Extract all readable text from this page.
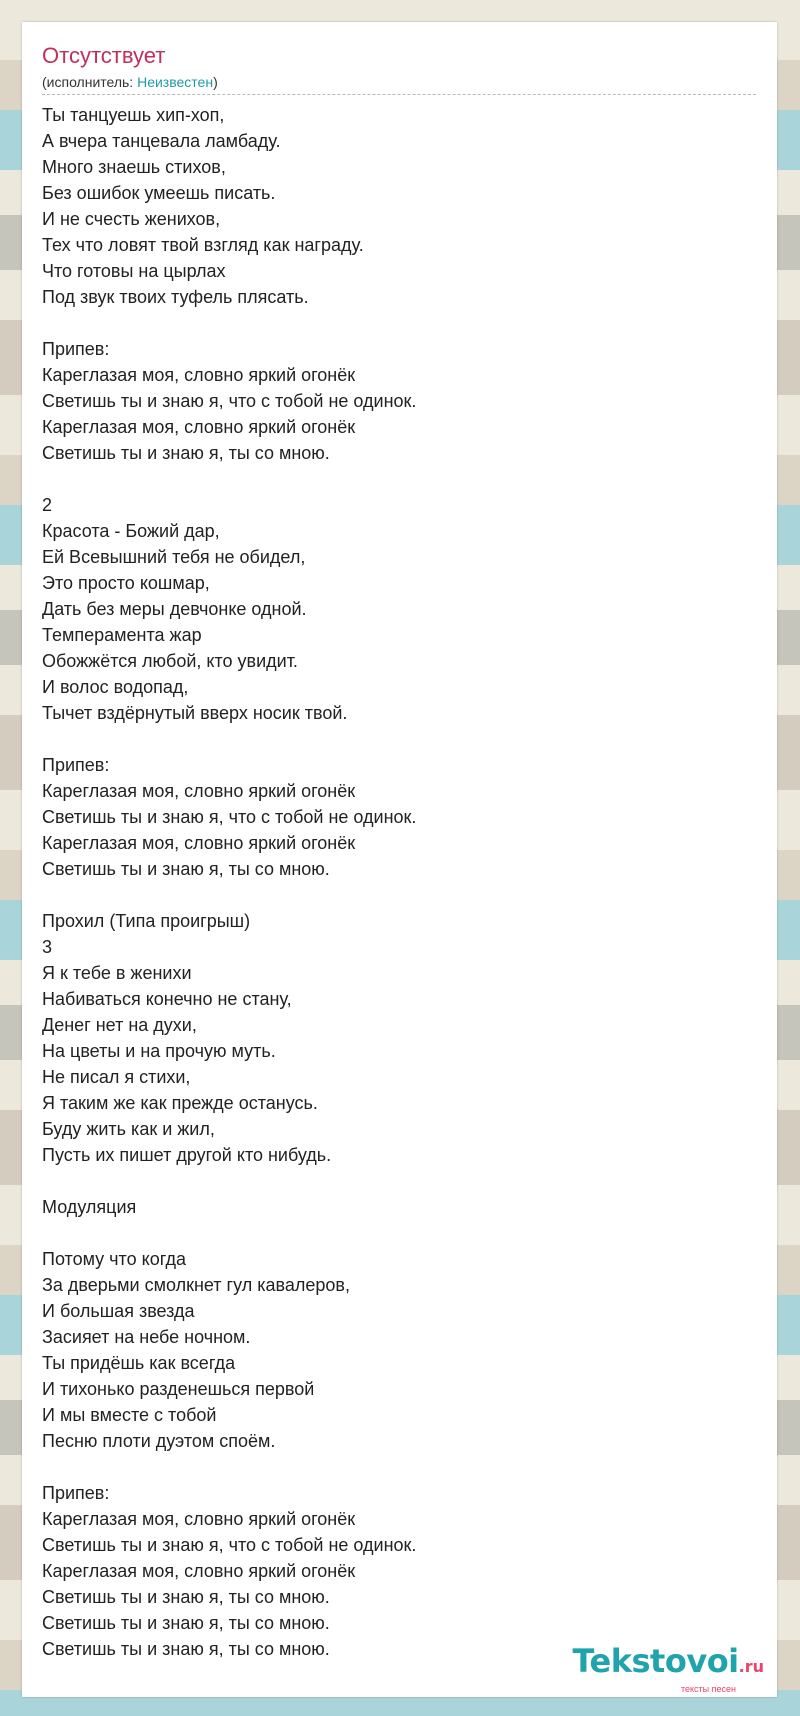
Отсутствует
(исполнитель: Неизвестен)
Ты танцуешь хип-хоп,
А вчера танцевала ламбаду.
Много знаешь стихов,
Без ошибок умеешь писать.
И не счесть женихов,
Тех что ловят твой взгляд как награду.
Что готовы на цырлах
Под звук твоих туфель плясать.
Припев:
Кареглазая моя, словно яркий огонёк
Светишь ты и знаю я, что с тобой не одинок.
Кареглазая моя, словно яркий огонёк
Светишь ты и знаю я, ты со мною.
2
Красота - Божий дар,
Ей Всевышний тебя не обидел,
Это просто кошмар,
Дать без меры девчонке одной.
Темперамента жар
Обожжётся любой, кто увидит.
И волос водопад,
Тычет вздёрнутый вверх носик твой.
Припев:
Кареглазая моя, словно яркий огонёк
Светишь ты и знаю я, что с тобой не одинок.
Кареглазая моя, словно яркий огонёк
Светишь ты и знаю я, ты со мною.
Прохил (Типа проигрыш)
3
Я к тебе в женихи
Набиваться конечно не стану,
Денег нет на духи,
На цветы и на прочую муть.
Не писал я стихи,
Я таким же как прежде останусь.
Буду жить как и жил,
Пусть их пишет другой кто нибудь.
Модуляция
Потому что когда
За дверьми смолкнет гул кавалеров,
И большая звезда
Засияет на небе ночном.
Ты придёшь как всегда
И тихонько разденешься первой
И мы вместе с тобой
Песню плоти дуэтом споём.
Припев:
Кареглазая моя, словно яркий огонёк
Светишь ты и знаю я, что с тобой не одинок.
Кареглазая моя, словно яркий огонёк
Светишь ты и знаю я, ты со мною.
Светишь ты и знаю я, ты со мною.
Светишь ты и знаю я, ты со мною.	Tekstovoi.ru
тексты песен
